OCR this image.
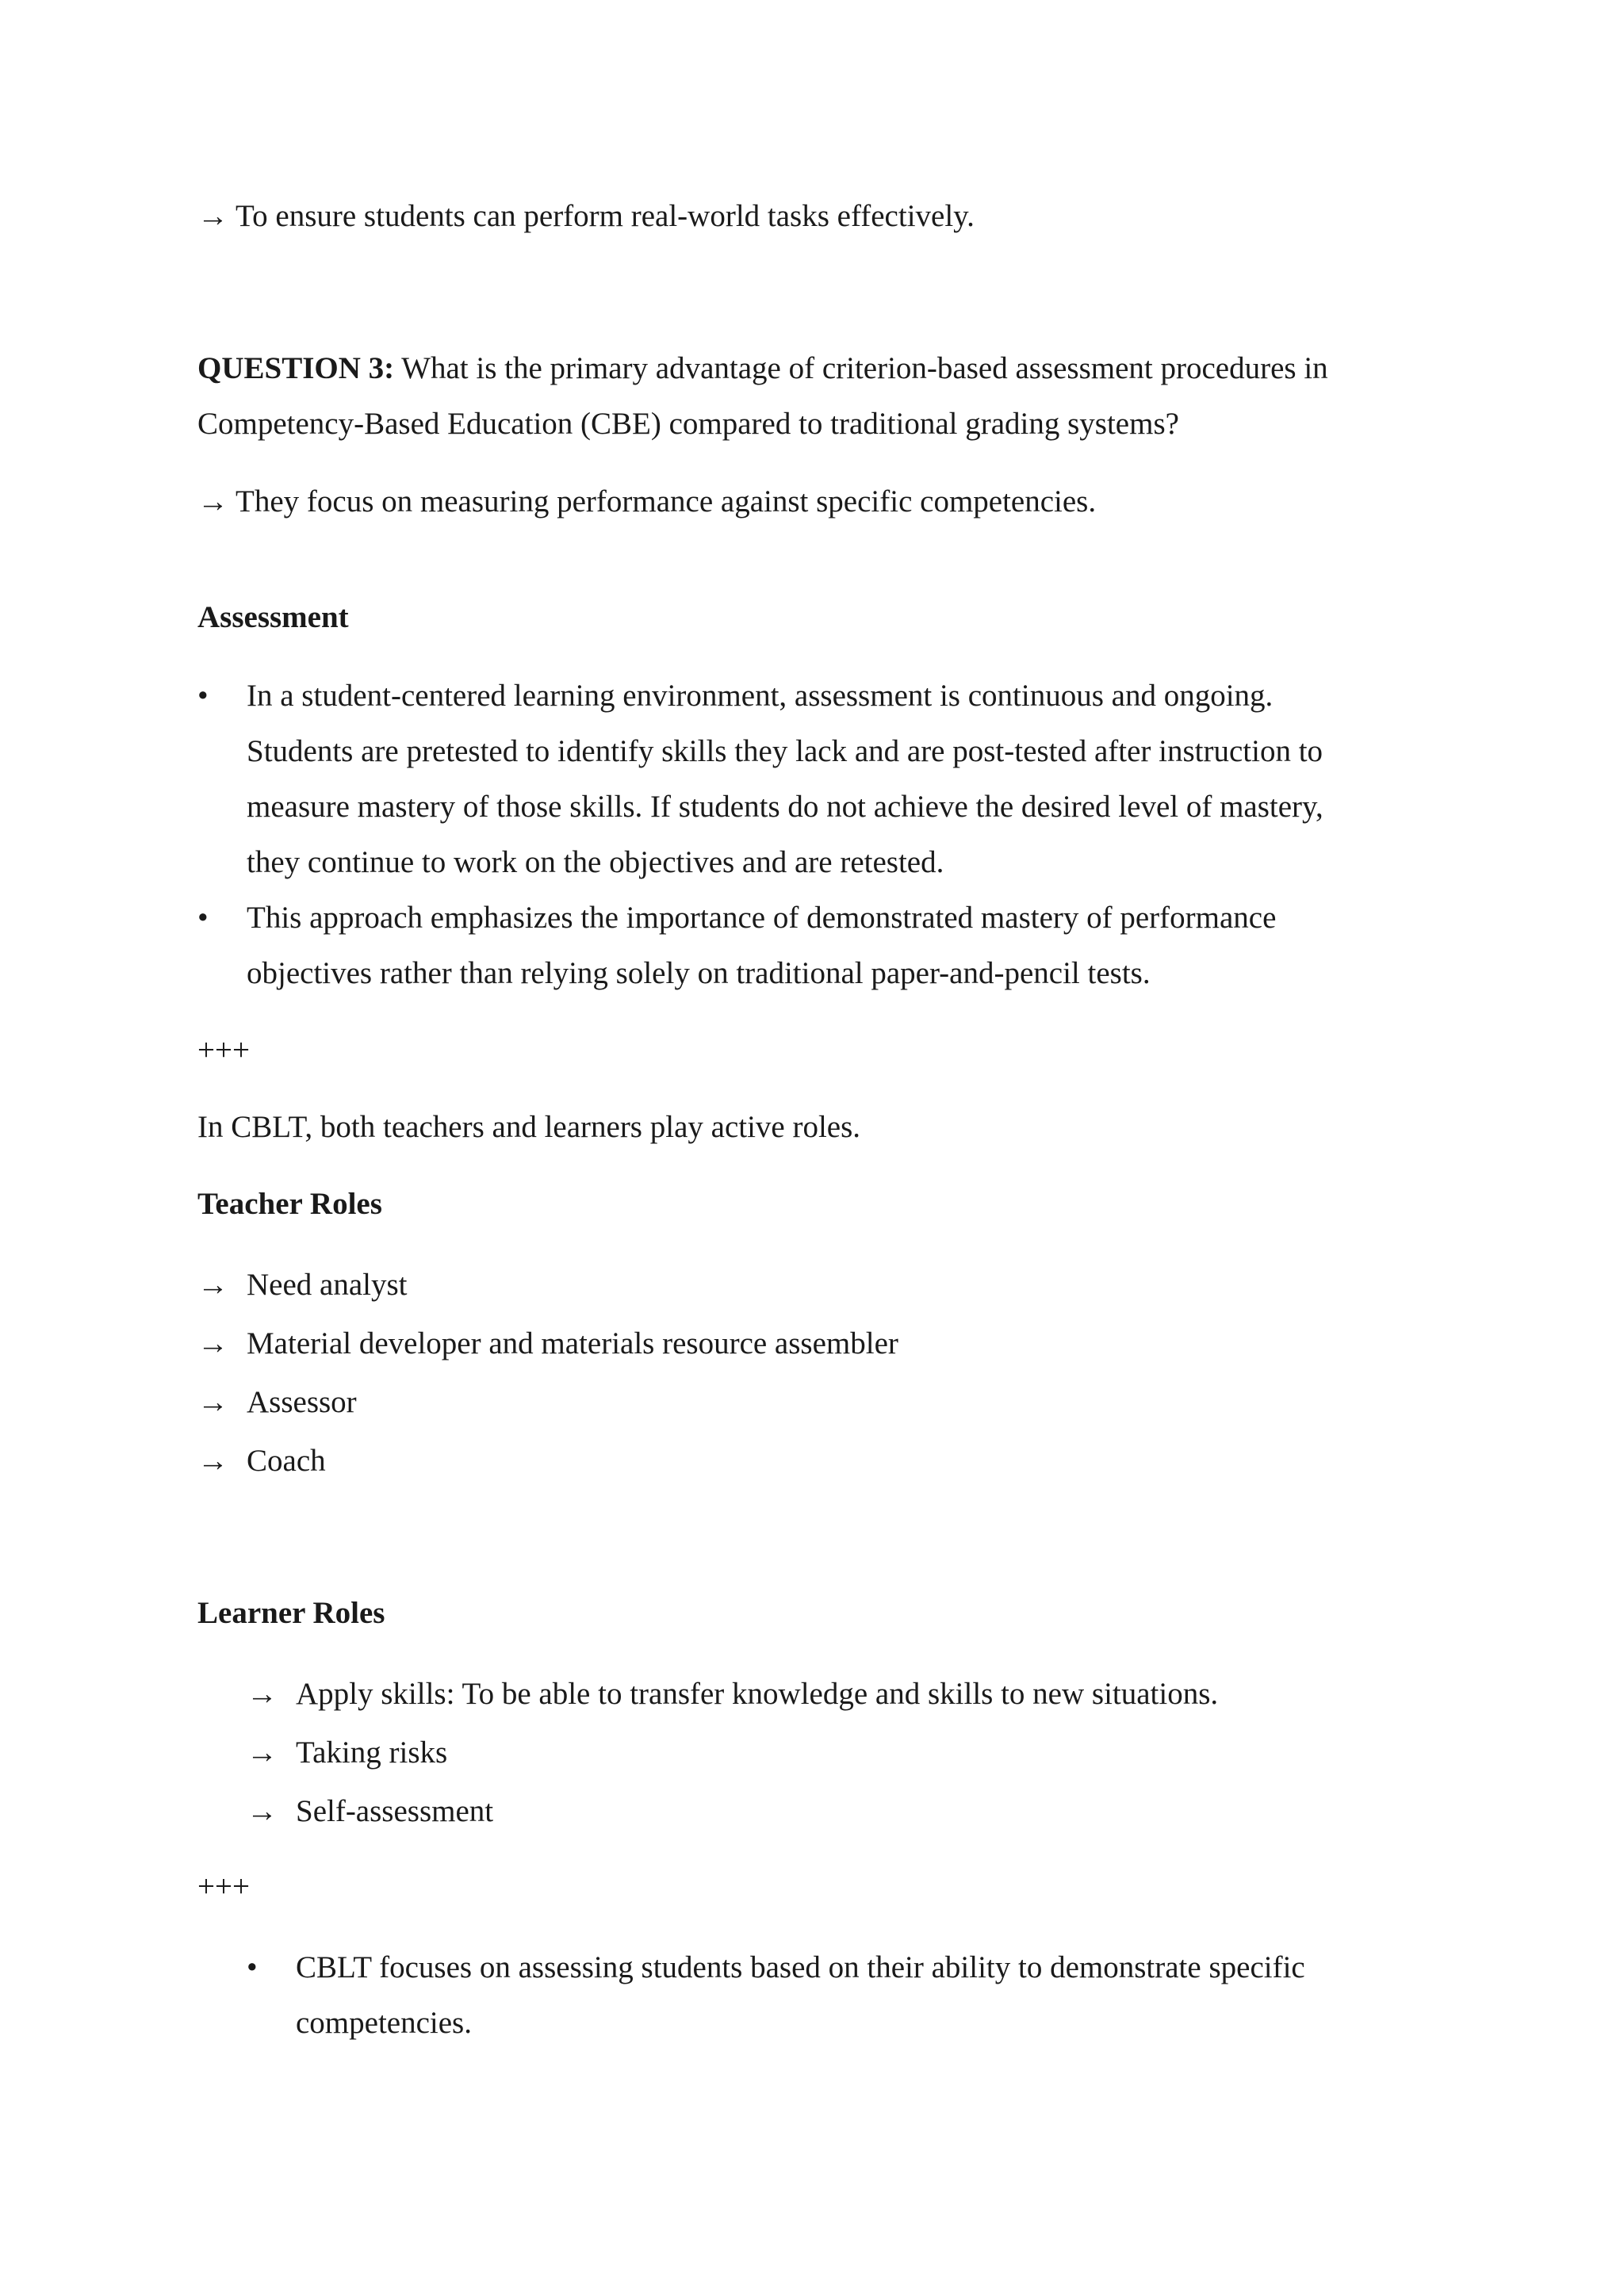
→ To ensure students can perform real-world tasks effectively.
QUESTION 3: What is the primary advantage of criterion-based assessment procedures in
Competency-Based Education (CBE) compared to traditional grading systems?
→ They focus on measuring performance against specific competencies.
Assessment
• In a student-centered learning environment, assessment is continuous and ongoing.
Students are pretested to identify skills they lack and are post-tested after instruction to
measure mastery of those skills. If students do not achieve the desired level of mastery,
they continue to work on the objectives and are retested.
• This approach emphasizes the importance of demonstrated mastery of performance
objectives rather than relying solely on traditional paper-and-pencil tests.
+++
In CBLT, both teachers and learners play active roles.
Teacher Roles
→ Need analyst
→ Material developer and materials resource assembler
→ Assessor
→ Coach
Learner Roles
→ Apply skills: To be able to transfer knowledge and skills to new situations.
→ Taking risks
→ Self-assessment
+++
• CBLT focuses on assessing students based on their ability to demonstrate specific
competencies.
